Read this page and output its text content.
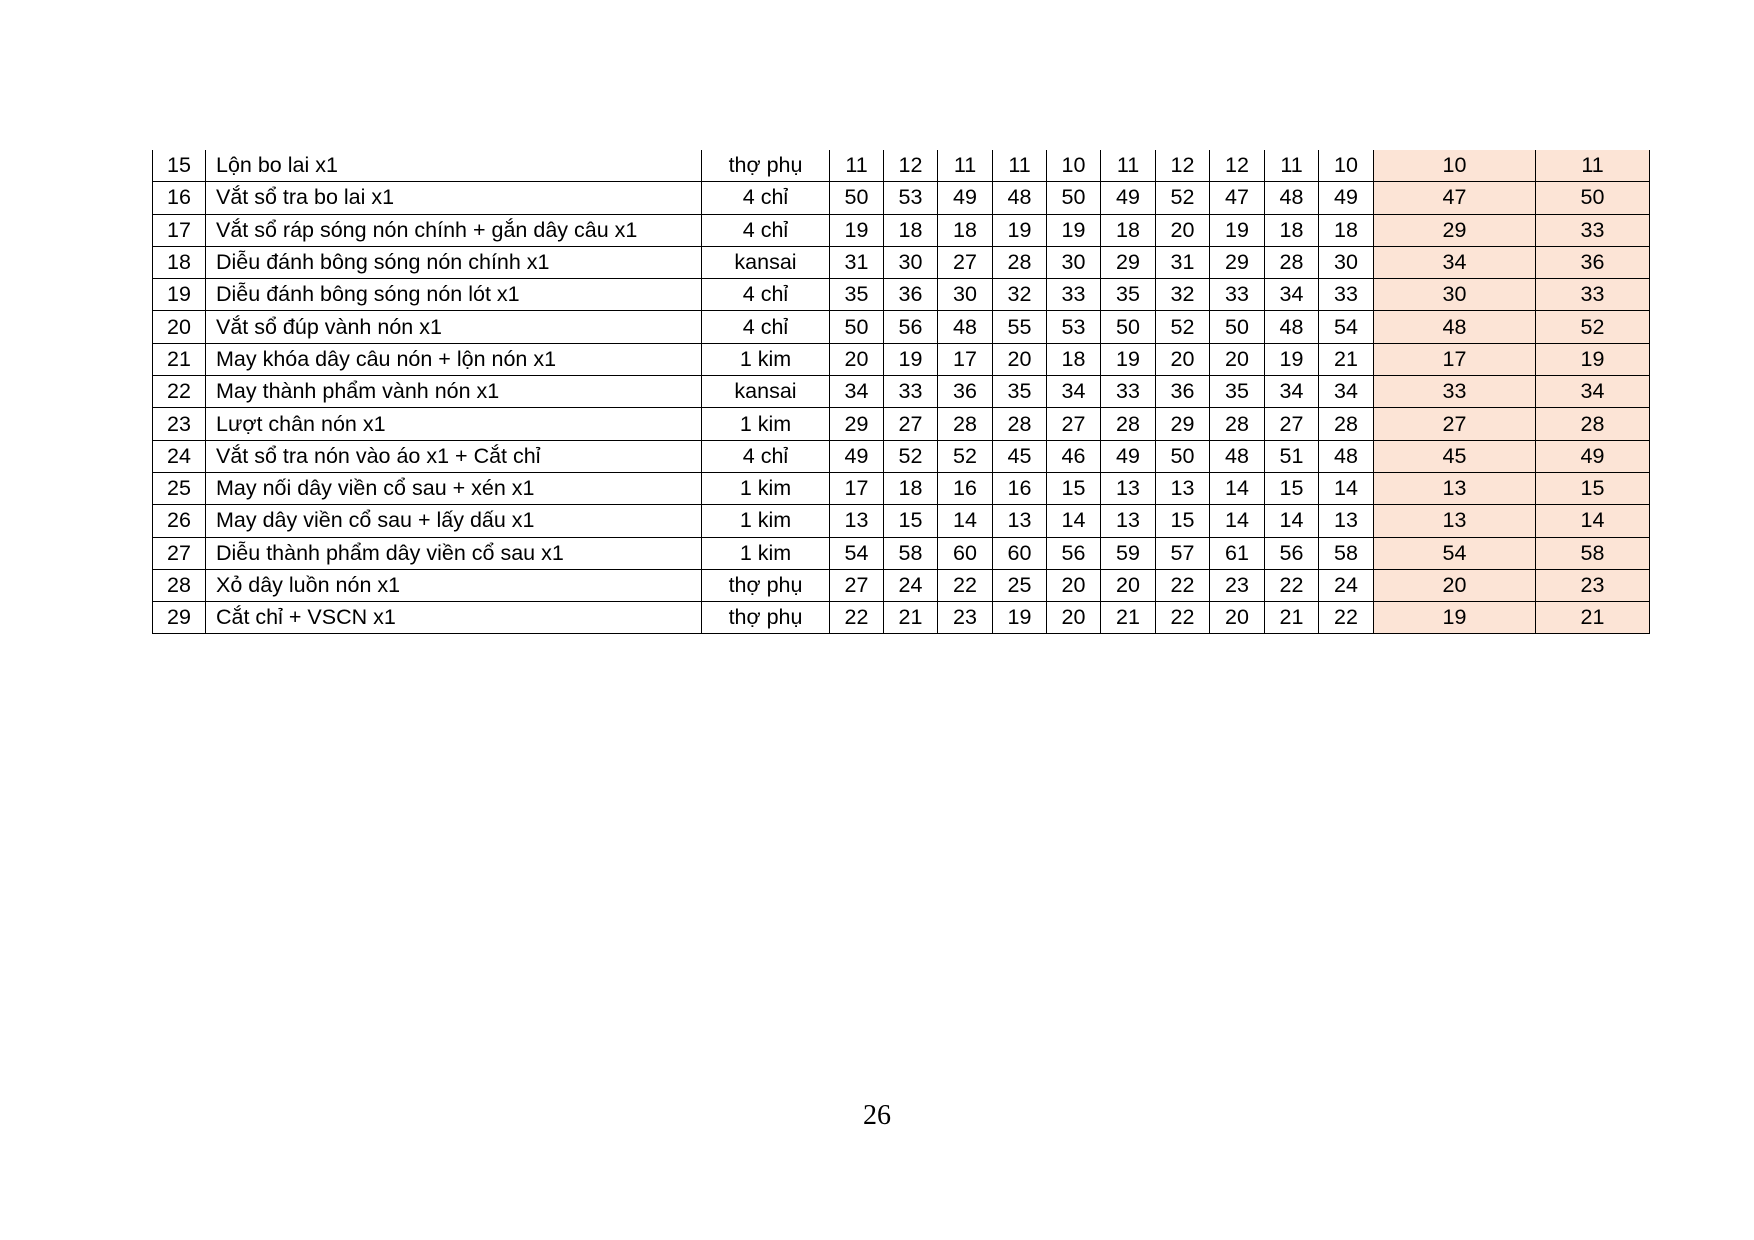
15	Lộn bo lai x1	thợ phụ	11	12	11	11	10	11	12	12	11	10	10	11
16	Vắt sổ tra bo lai x1	4 chỉ	50	53	49	48	50	49	52	47	48	49	47	50
17	Vắt sổ ráp sóng nón chính + gắn dây câu x1	4 chỉ	19	18	18	19	19	18	20	19	18	18	29	33
18	Diễu đánh bông sóng nón chính x1	kansai	31	30	27	28	30	29	31	29	28	30	34	36
19	Diễu đánh bông sóng nón lót x1	4 chỉ	35	36	30	32	33	35	32	33	34	33	30	33
20	Vắt sổ đúp vành nón x1	4 chỉ	50	56	48	55	53	50	52	50	48	54	48	52
21	May khóa dây câu nón + lộn nón x1	1 kim	20	19	17	20	18	19	20	20	19	21	17	19
22	May thành phẩm vành nón x1	kansai	34	33	36	35	34	33	36	35	34	34	33	34
23	Lượt chân nón x1	1 kim	29	27	28	28	27	28	29	28	27	28	27	28
24	Vắt sổ tra nón vào áo x1 + Cắt chỉ	4 chỉ	49	52	52	45	46	49	50	48	51	48	45	49
25	May nối dây viền cổ sau + xén x1	1 kim	17	18	16	16	15	13	13	14	15	14	13	15
26	May dây viền cổ sau + lấy dấu x1	1 kim	13	15	14	13	14	13	15	14	14	13	13	14
27	Diễu thành phẩm dây viền cổ sau x1	1 kim	54	58	60	60	56	59	57	61	56	58	54	58
28	Xỏ dây luồn nón x1	thợ phụ	27	24	22	25	20	20	22	23	22	24	20	23
29	Cắt chỉ + VSCN x1	thợ phụ	22	21	23	19	20	21	22	20	21	22	19	21
26
